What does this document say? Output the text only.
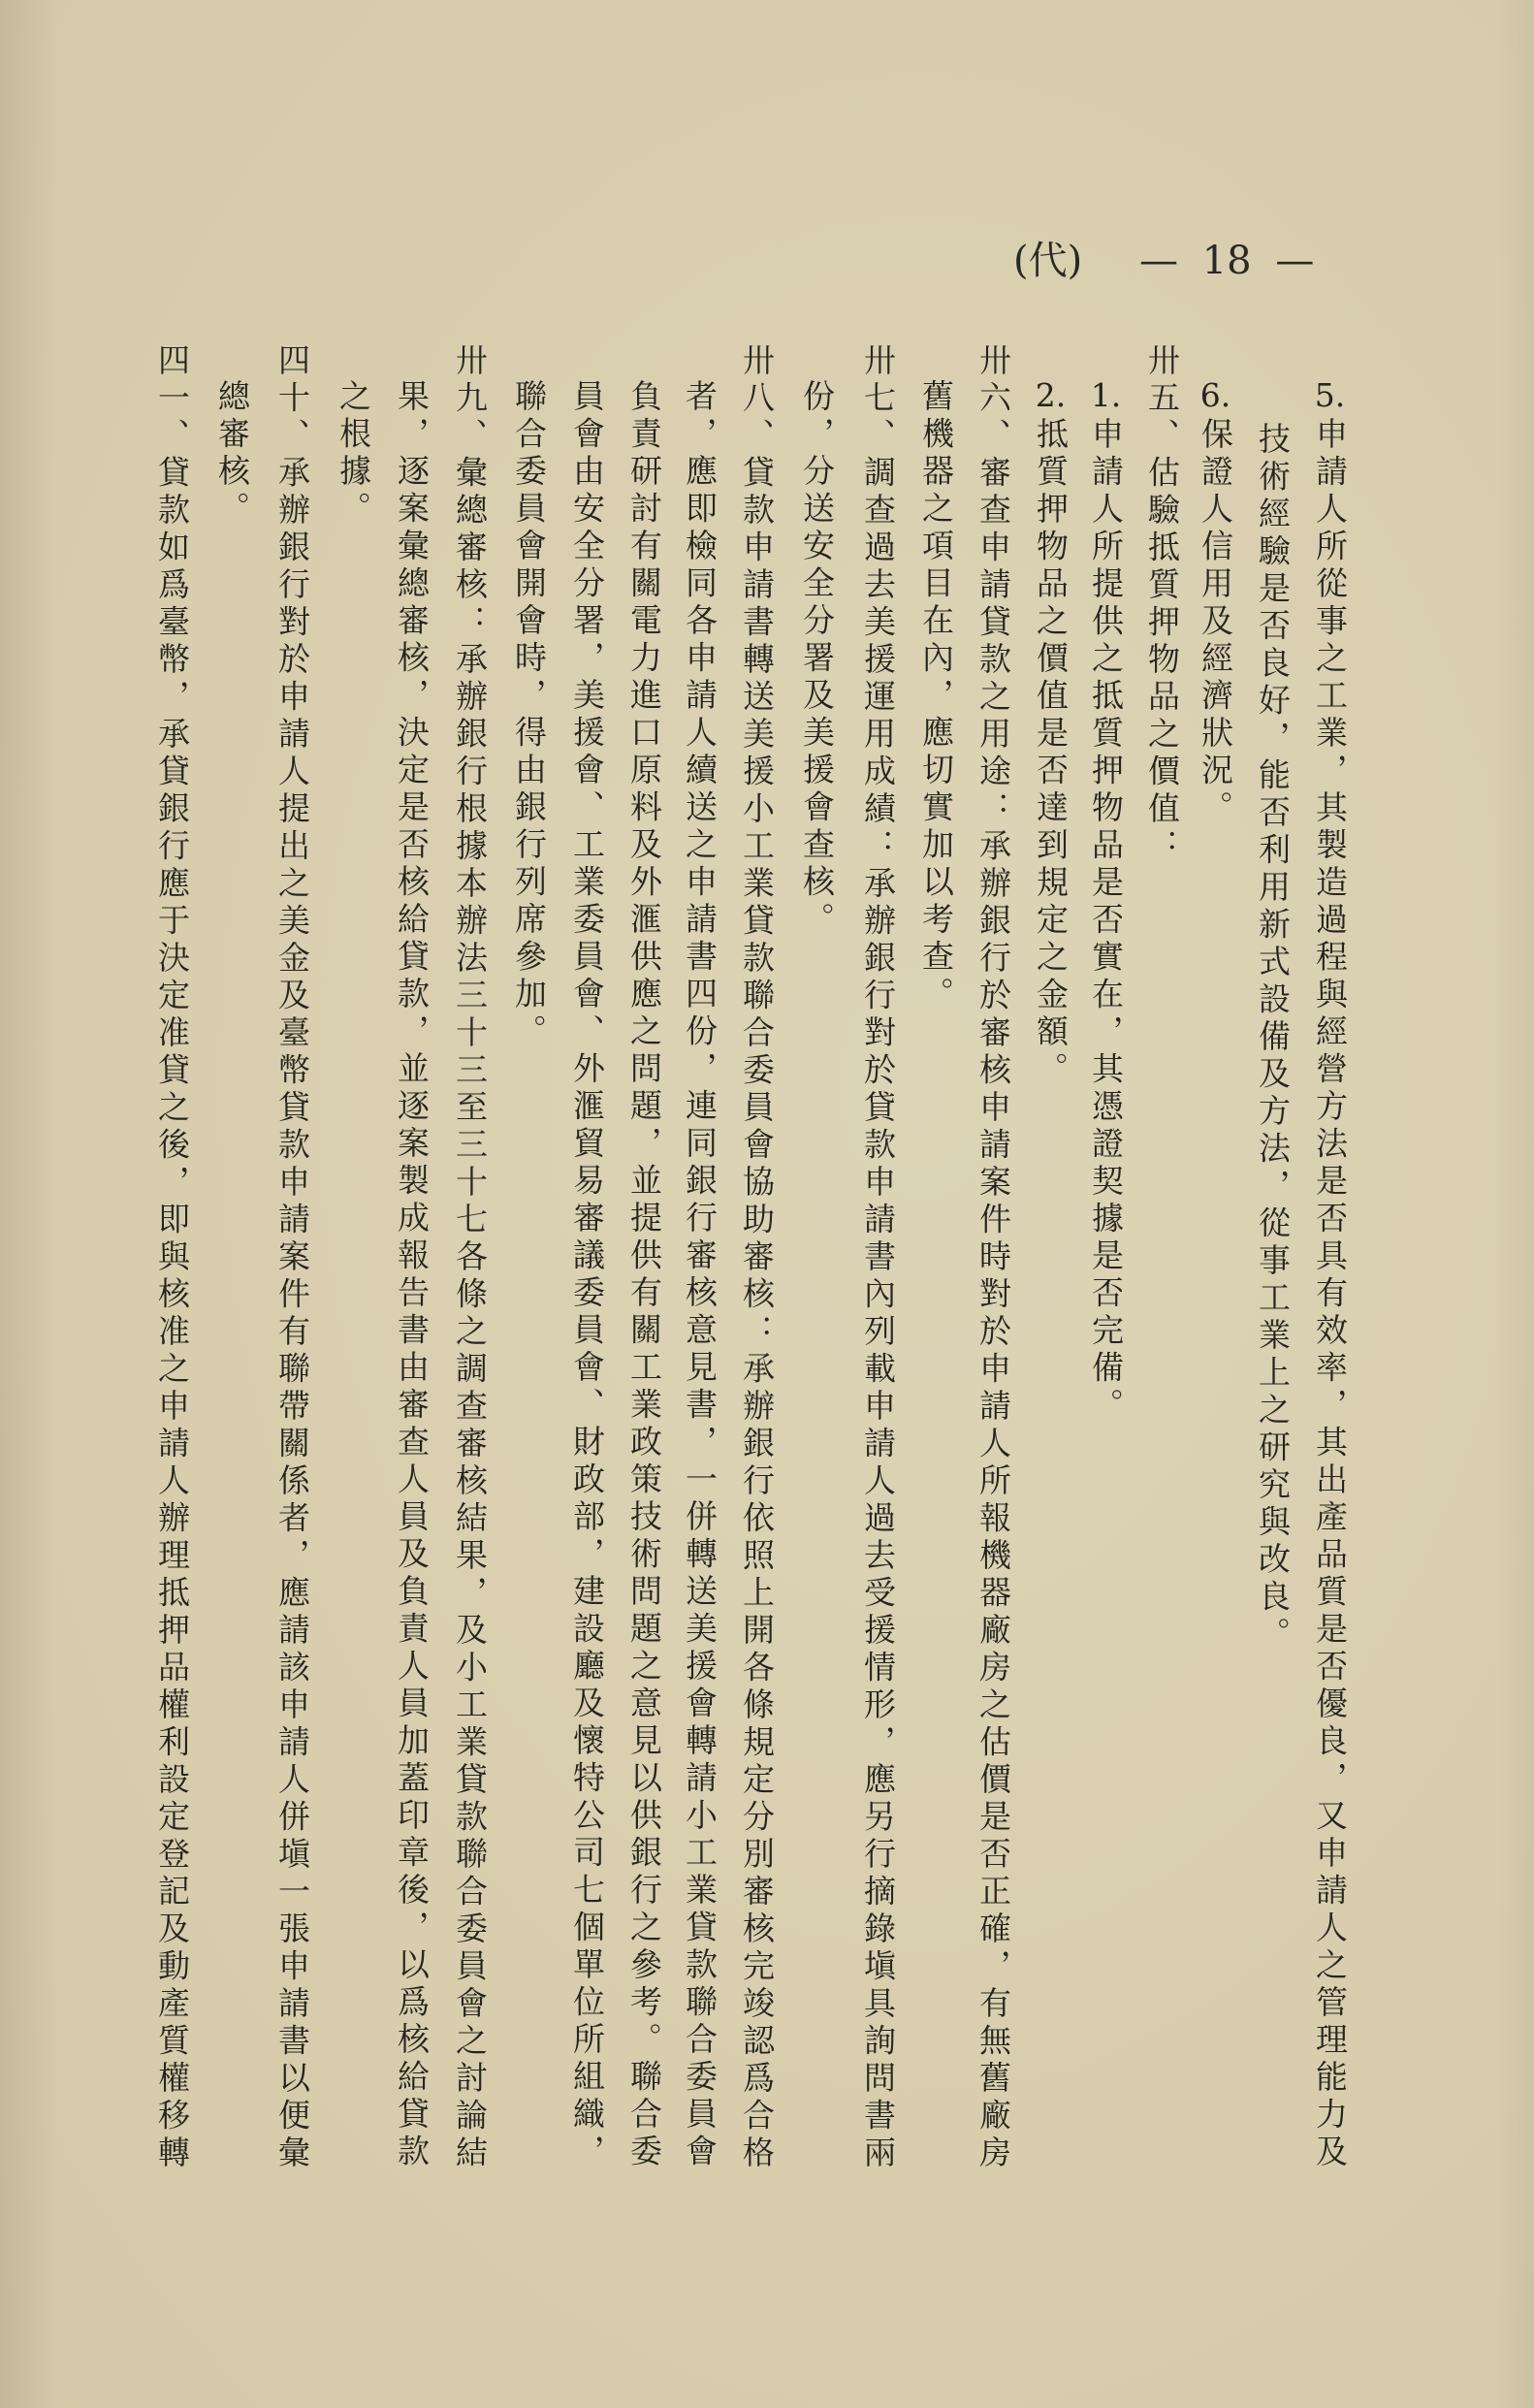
(代) — 18 —
5.申請人所從事之工業，其製造過程與經營方法是否具有效率，其出產品質是否優良，又申請人之管理能力及
技術經驗是否良好，能否利用新式設備及方法，從事工業上之研究與改良。
6.保證人信用及經濟狀況。
卅五、估驗抵質押物品之價值：
1.申請人所提供之抵質押物品是否實在，其憑證契據是否完備。
2.抵質押物品之價值是否達到規定之金額。
卅六、審查申請貸款之用途：承辦銀行於審核申請案件時對於申請人所報機器廠房之估價是否正確，有無舊廠房
舊機器之項目在內，應切實加以考查。
卅七、調查過去美援運用成績：承辦銀行對於貸款申請書內列載申請人過去受援情形，應另行摘錄塡具詢問書兩
份，分送安全分署及美援會查核。
卅八、貸款申請書轉送美援小工業貸款聯合委員會協助審核：承辦銀行依照上開各條規定分別審核完竣認爲合格
者，應即檢同各申請人續送之申請書四份，連同銀行審核意見書，一併轉送美援會轉請小工業貸款聯合委員會
負責研討有關電力進口原料及外滙供應之問題，並提供有關工業政策技術問題之意見以供銀行之參考。聯合委
員會由安全分署，美援會、工業委員會、外滙貿易審議委員會、財政部，建設廳及懷特公司七個單位所組織，
聯合委員會開會時，得由銀行列席參加。
卅九、彙總審核：承辦銀行根據本辦法三十三至三十七各條之調查審核結果，及小工業貸款聯合委員會之討論結
果，逐案彙總審核，決定是否核給貸款，並逐案製成報告書由審查人員及負責人員加蓋印章後，以爲核給貸款
之根據。
四十、承辦銀行對於申請人提出之美金及臺幣貸款申請案件有聯帶關係者，應請該申請人併塡一張申請書以便彙
總審核。
四一、貸款如爲臺幣，承貸銀行應于決定准貸之後，即與核准之申請人辦理抵押品權利設定登記及動產質權移轉
